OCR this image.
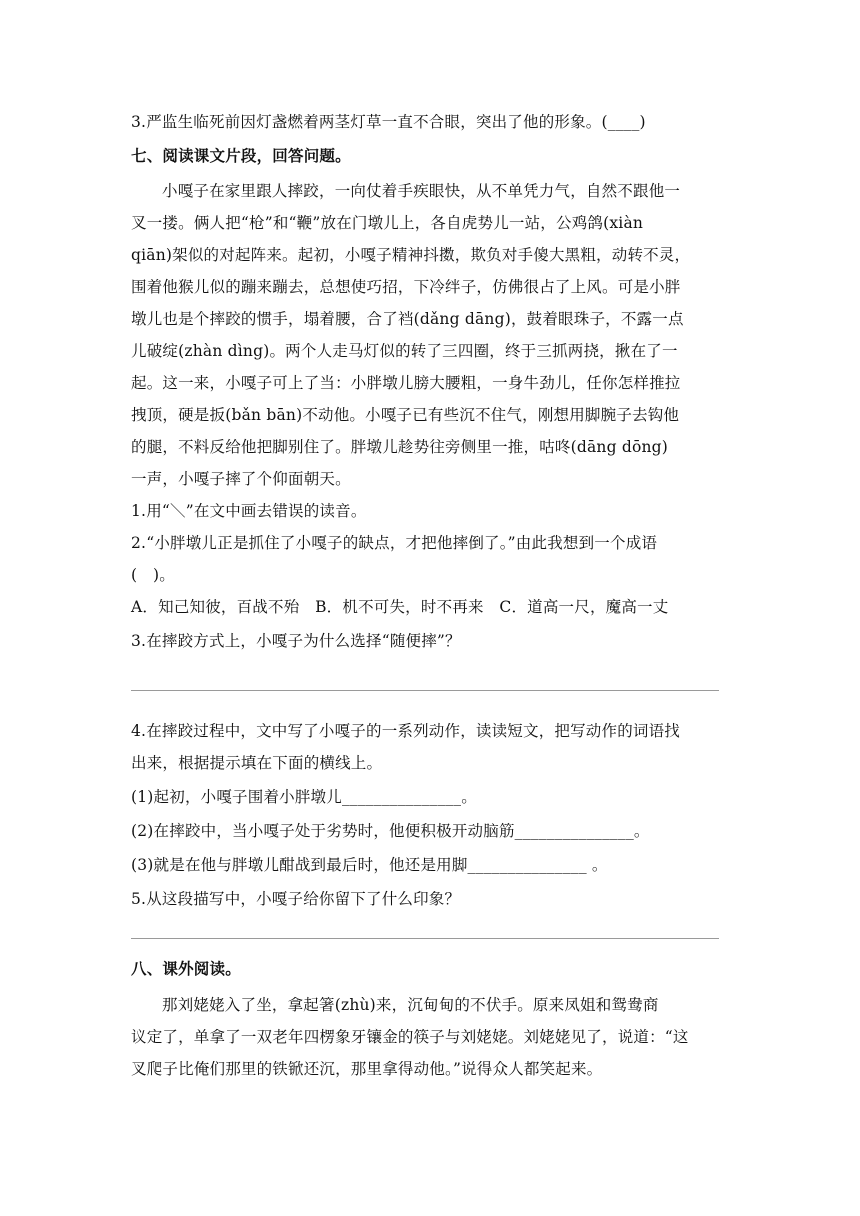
3.严监生临死前因灯盏燃着两茎灯草一直不合眼，突出了他的形象。(____)
七、阅读课文片段，回答问题。
小嘎子在家里跟人摔跤，一向仗着手疾眼快，从不单凭力气，自然不跟他一
叉一搂。俩人把“枪”和“鞭”放在门墩儿上，各自虎势儿一站，公鸡鸽(xiàn
qiān)架似的对起阵来。起初，小嘎子精神抖擞，欺负对手傻大黑粗，动转不灵，
围着他猴儿似的蹦来蹦去，总想使巧招，下冷绊子，仿佛很占了上风。可是小胖
墩儿也是个摔跤的惯手，塌着腰，合了裆(dǎng dāng)，鼓着眼珠子，不露一点
儿破绽(zhàn dìng)。两个人走马灯似的转了三四圈，终于三抓两挠，揪在了一
起。这一来，小嘎子可上了当：小胖墩儿膀大腰粗，一身牛劲儿，任你怎样推拉
拽顶，硬是扳(bǎn bān)不动他。小嘎子已有些沉不住气，刚想用脚腕子去钩他
的腿，不料反给他把脚别住了。胖墩儿趁势往旁侧里一推，咕咚(dāng dōng)
一声，小嘎子摔了个仰面朝天。
1.用“＼”在文中画去错误的读音。
2.“小胖墩儿正是抓住了小嘎子的缺点，才把他摔倒了。”由此我想到一个成语
(　)。
A．知己知彼，百战不殆　B．机不可失，时不再来　C．道高一尺，魔高一丈
3.在摔跤方式上，小嘎子为什么选择“随便摔”？
4.在摔跤过程中，文中写了小嘎子的一系列动作，读读短文，把写动作的词语找
出来，根据提示填在下面的横线上。
(1)起初，小嘎子围着小胖墩儿_______________。
(2)在摔跤中，当小嘎子处于劣势时，他便积极开动脑筋_______________。
(3)就是在他与胖墩儿酣战到最后时，他还是用脚_______________ 。
5.从这段描写中，小嘎子给你留下了什么印象？
八、课外阅读。
那刘姥姥入了坐，拿起箸(zhù)来，沉甸甸的不伏手。原来凤姐和鸳鸯商
议定了，单拿了一双老年四楞象牙镶金的筷子与刘姥姥。刘姥姥见了，说道：“这
叉爬子比俺们那里的铁锨还沉，那里拿得动他。”说得众人都笑起来。
